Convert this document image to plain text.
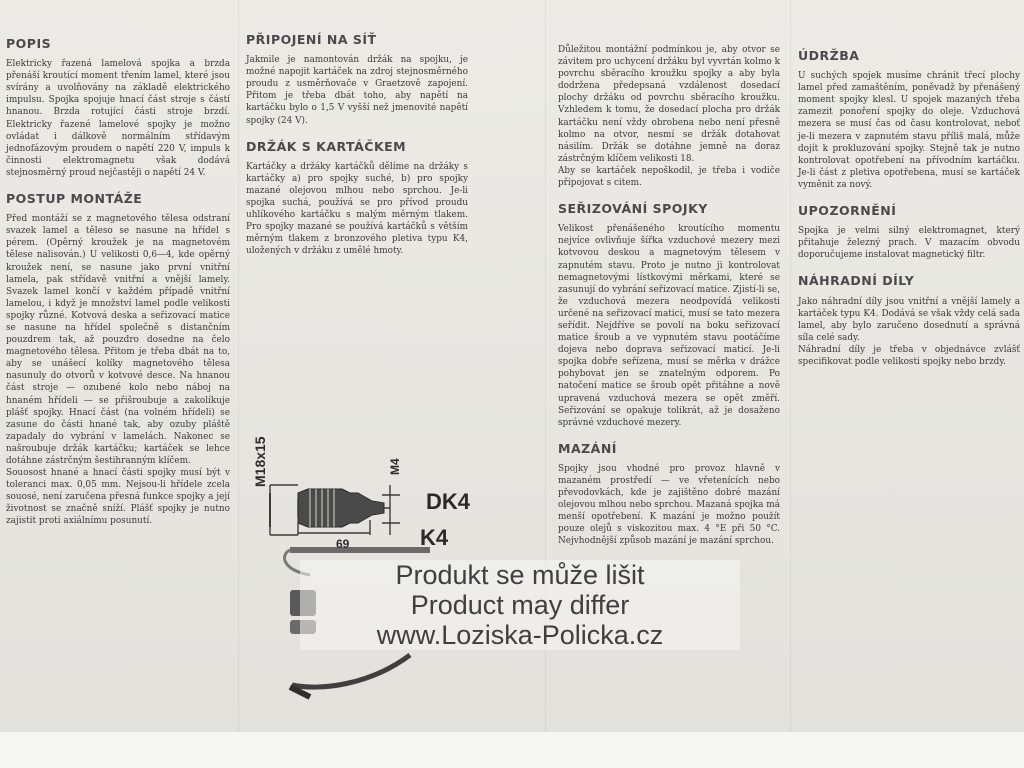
POPIS

Elektricky řazená lamelová spojka a brzda přenáší kroutící moment třením lamel, které jsou svírány a uvolňovány na základě elektrického impulsu. Spojka spojuje hnací část stroje s částí hnanou. Brzda rotující části stroje brzdí. Elektricky řazené lamelové spojky je možno ovládat i dálkově normálním střídavým jednofázovým proudem o napětí 220 V, impuls k činnosti elektromagnetu však dodává stejnosměrný proud nejčastěji o napětí 24 V.

POSTUP MONTÁŽE

Před montáží se z magnetového tělesa odstraní svazek lamel a těleso se nasune na hřídel s pérem. (Opěrný kroužek je na magnetovém tělese nalisován.) U velikosti 0,6—4, kde opěrný kroužek není, se nasune jako první vnitřní lamela, pak střídavě vnitřní a vnější lamely. Svazek lamel končí v každém případě vnitřní lamelou, i když je množství lamel podle velikosti spojky různé. Kotvová deska a seřizovací matice se nasune na hřídel společně s distančním pouzdrem tak, až pouzdro dosedne na čelo magnetového tělesa. Přitom je třeba dbát na to, aby se unášecí kolíky magnetového tělesa nasunuly do otvorů v kotvové desce. Na hnanou část stroje — ozubené kolo nebo náboj na hnaném hřídeli — se přišroubuje a zakolíkuje plášť spojky. Hnací část (na volném hřídeli) se zasune do části hnané tak, aby ozuby pláště zapadaly do vybrání v lamelách. Nakonec se našroubuje držák kartáčku; kartáček se lehce dotáhne zástrčným šestihranným klíčem.
Souosost hnané a hnací části spojky musí být v toleranci max. 0,05 mm. Nejsou-li hřídele zcela souosé, není zaručena přesná funkce spojky a její životnost se značně sníží. Plášť spojky je nutno zajistit proti axiálnímu posunutí.

PŘIPOJENÍ NA SÍŤ

Jakmile je namontován držák na spojku, je možné napojit kartáček na zdroj stejnosměrného proudu z usměrňovače v Graetzově zapojení. Přitom je třeba dbát toho, aby napětí na kartáčku bylo o 1,5 V vyšší než jmenovité napětí spojky (24 V).

DRŽÁK S KARTÁČKEM

Kartáčky a držáky kartáčků dělíme na držáky s kartáčky a) pro spojky suché, b) pro spojky mazané olejovou mlhou nebo sprchou. Je-li spojka suchá, používá se pro přívod proudu uhlíkového kartáčku s malým měrným tlakem. Pro spojky mazané se používá kartáčků s větším měrným tlakem z bronzového pletiva typu K4, uložených v držáku z umělé hmoty.

M18x15	M4
69
DK4
K4

Důležitou montážní podmínkou je, aby otvor se závitem pro uchycení držáku byl vyvrtán kolmo k povrchu sběracího kroužku spojky a aby byla dodržena předepsaná vzdálenost dosedací plochy držáku od povrchu sběracího kroužku. Vzhledem k tomu, že dosedací plocha pro držák kartáčku není vždy obrobena nebo není přesně kolmo na otvor, nesmí se držák dotahovat násilím. Držák se dotáhne jemně na doraz zástrčným klíčem velikosti 18.
Aby se kartáček nepoškodil, je třeba i vodiče připojovat s citem.

SEŘIZOVÁNÍ SPOJKY

Velikost přenášeného kroutícího momentu nejvíce ovlivňuje šířka vzduchové mezery mezi kotvovou deskou a magnetovým tělesem v zapnutém stavu. Proto je nutno ji kontrolovat nemagnetovými lístkovými měrkami, které se zasunují do vybrání seřizovací matice. Zjistí-li se, že vzduchová mezera neodpovídá velikosti určené na seřizovací matici, musí se tato mezera seřídit. Nejdříve se povolí na boku seřizovací matice šroub a ve vypnutém stavu pootáčíme dojeva nebo doprava seřizovací maticí. Je-li spojka dobře seřízena, musí se měrka v drážce pohybovat jen se znatelným odporem. Po natočení matice se šroub opět přitáhne a nově upravená vzduchová mezera se opět změří. Seřizování se opakuje tolikrát, až je dosaženo správné vzduchové mezery.

MAZÁNÍ

Spojky jsou vhodné pro provoz hlavně v mazaném prostředí — ve vřetenících nebo převodovkách, kde je zajištěno dobré mazání olejovou mlhou nebo sprchou. Mazaná spojka má menší opotřebení. K mazání je možno použít pouze olejů s viskozitou max. 4 °E při 50 °C. Nejvhodnější způsob mazání je mazání sprchou.

ÚDRŽBA

U suchých spojek musíme chránit třecí plochy lamel před zamaštěním, poněvadž by přenášený moment spojky klesl. U spojek mazaných třeba zamezit ponoření spojky do oleje. Vzduchová mezera se musí čas od času kontrolovat, neboť je-li mezera v zapnutém stavu příliš malá, může dojít k prokluzování spojky. Stejně tak je nutno kontrolovat opotřebení na přívodním kartáčku. Je-li část z pletiva opotřebena, musí se kartáček vyměnit za nový.

UPOZORNĚNÍ

Spojka je velmi silný elektromagnet, který přitahuje železný prach. V mazacím obvodu doporučujeme instalovat magnetický filtr.

NÁHRADNÍ DÍLY

Jako náhradní díly jsou vnitřní a vnější lamely a kartáček typu K4. Dodává se však vždy celá sada lamel, aby bylo zaručeno dosednutí a správná síla celé sady.
Náhradní díly je třeba v objednávce zvlášť specifikovat podle velikosti spojky nebo brzdy.

Produkt se může lišit
Product may differ
www.Loziska-Policka.cz
